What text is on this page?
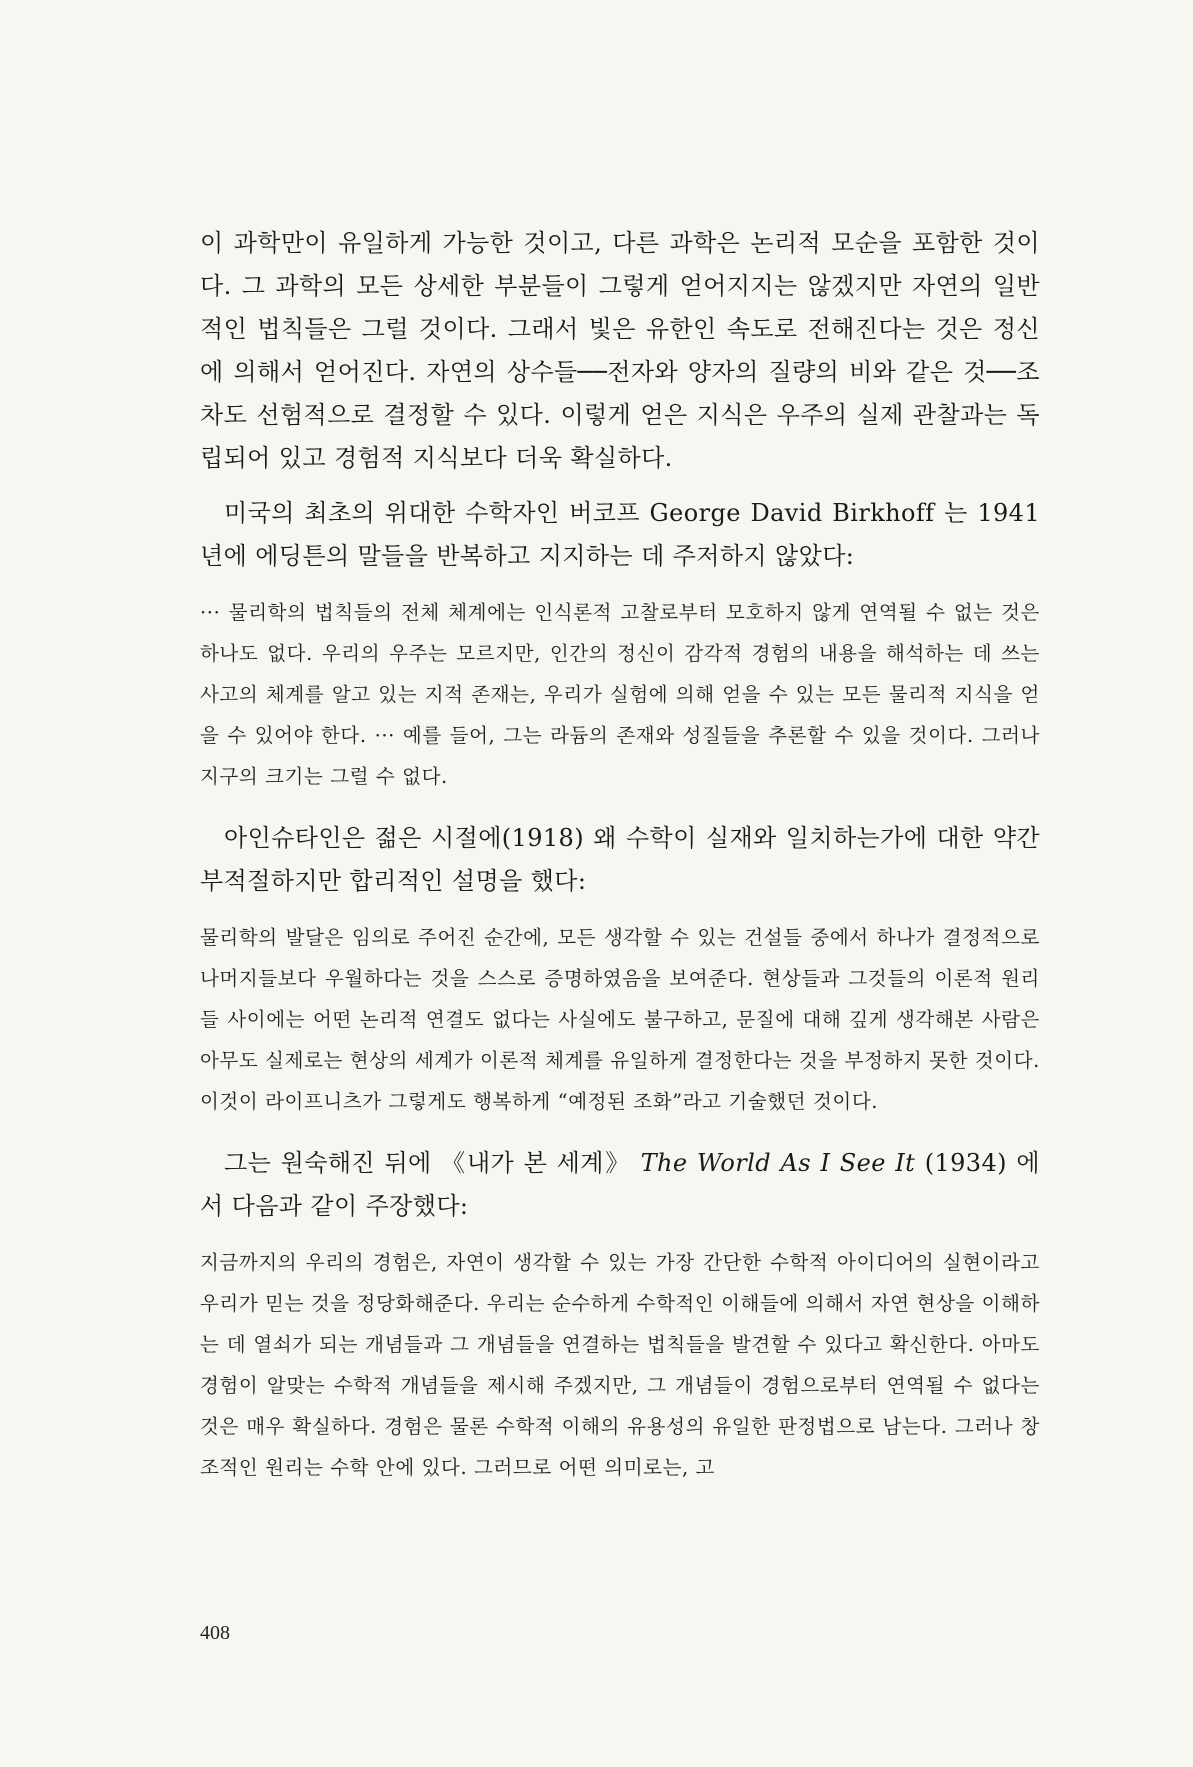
이 과학만이 유일하게 가능한 것이고, 다른 과학은 논리적 모순을 포함한 것이다. 그 과학의 모든 상세한 부분들이 그렇게 얻어지지는 않겠지만 자연의 일반적인 법칙들은 그럴 것이다. 그래서 빛은 유한인 속도로 전해진다는 것은 정신에 의해서 얻어진다. 자연의 상수들──전자와 양자의 질량의 비와 같은 것──조차도 선험적으로 결정할 수 있다. 이렇게 얻은 지식은 우주의 실제 관찰과는 독립되어 있고 경험적 지식보다 더욱 확실하다.

미국의 최초의 위대한 수학자인 버코프 George David Birkhoff 는 1941년에 에딩튼의 말들을 반복하고 지지하는 데 주저하지 않았다:

··· 물리학의 법칙들의 전체 체계에는 인식론적 고찰로부터 모호하지 않게 연역될 수 없는 것은 하나도 없다. 우리의 우주는 모르지만, 인간의 정신이 감각적 경험의 내용을 해석하는 데 쓰는 사고의 체계를 알고 있는 지적 존재는, 우리가 실험에 의해 얻을 수 있는 모든 물리적 지식을 얻을 수 있어야 한다. ··· 예를 들어, 그는 라듐의 존재와 성질들을 추론할 수 있을 것이다. 그러나 지구의 크기는 그럴 수 없다.

아인슈타인은 젊은 시절에(1918) 왜 수학이 실재와 일치하는가에 대한 약간 부적절하지만 합리적인 설명을 했다:

물리학의 발달은 임의로 주어진 순간에, 모든 생각할 수 있는 건설들 중에서 하나가 결정적으로 나머지들보다 우월하다는 것을 스스로 증명하였음을 보여준다. 현상들과 그것들의 이론적 원리들 사이에는 어떤 논리적 연결도 없다는 사실에도 불구하고, 문질에 대해 깊게 생각해본 사람은 아무도 실제로는 현상의 세계가 이론적 체계를 유일하게 결정한다는 것을 부정하지 못한 것이다. 이것이 라이프니츠가 그렇게도 행복하게 “예정된 조화”라고 기술했던 것이다.

그는 원숙해진 뒤에 《내가 본 세계》 The World As I See It (1934) 에서 다음과 같이 주장했다:

지금까지의 우리의 경험은, 자연이 생각할 수 있는 가장 간단한 수학적 아이디어의 실현이라고 우리가 믿는 것을 정당화해준다. 우리는 순수하게 수학적인 이해들에 의해서 자연 현상을 이해하는 데 열쇠가 되는 개념들과 그 개념들을 연결하는 법칙들을 발견할 수 있다고 확신한다. 아마도 경험이 알맞는 수학적 개념들을 제시해 주겠지만, 그 개념들이 경험으로부터 연역될 수 없다는 것은 매우 확실하다. 경험은 물론 수학적 이해의 유용성의 유일한 판정법으로 남는다. 그러나 창조적인 원리는 수학 안에 있다. 그러므로 어떤 의미로는, 고

408
